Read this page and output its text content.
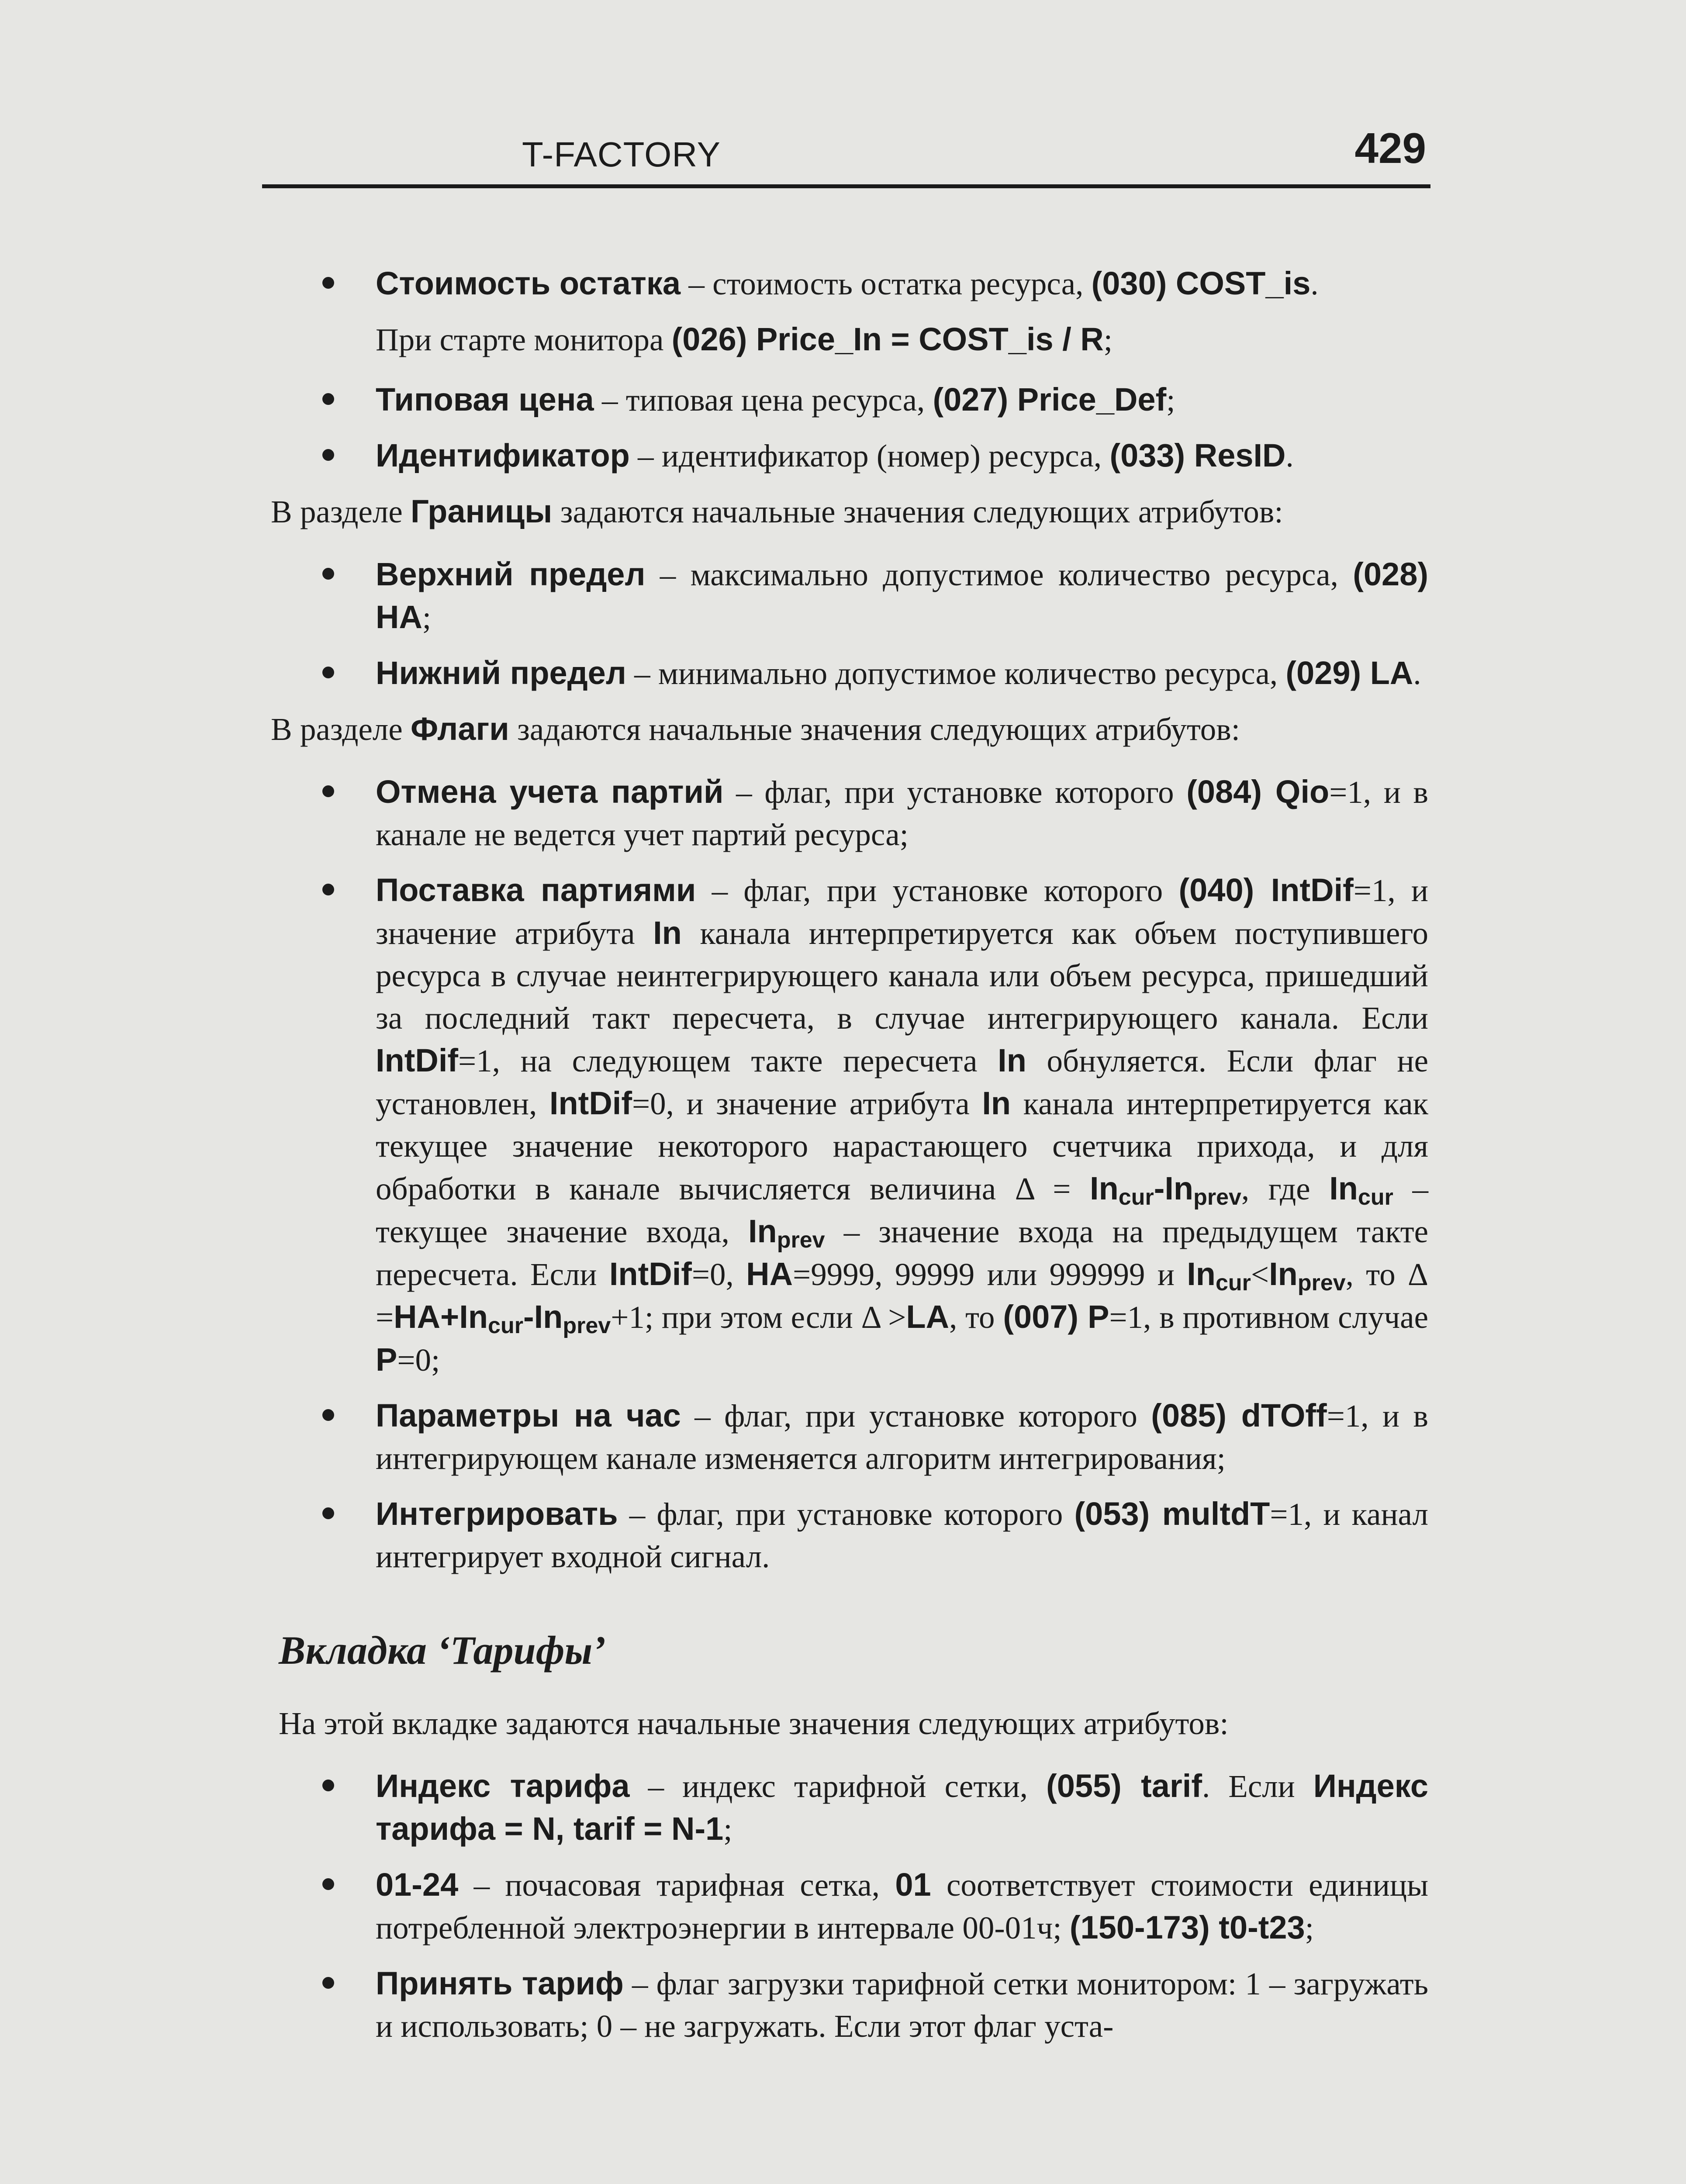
T-FACTORY	429
Стоимость остатка – стоимость остатка ресурса, (030) COST_is.

При старте монитора (026) Price_In = COST_is / R;

Типовая цена – типовая цена ресурса, (027) Price_Def;
Идентификатор – идентификатор (номер) ресурса, (033) ResID.

В разделе Границы задаются начальные значения следующих атрибутов:

Верхний предел – максимально допустимое количество ресурса, (028) HA;
Нижний предел – минимально допустимое количество ресурса, (029) LA.

В разделе Флаги задаются начальные значения следующих атрибутов:

Отмена учета партий – флаг, при установке которого (084) Qio=1, и в канале не ведется учет партий ресурса;
Поставка партиями – флаг, при установке которого (040) IntDif=1, и значение атрибута In канала интерпретируется как объем поступившего ресурса в случае неинтегрирующего канала или объем ресурса, пришедший за последний такт пересчета, в случае интегрирующего канала. Если IntDif=1, на следующем такте пересчета In обнуляется. Если флаг не установлен, IntDif=0, и значение атрибута In канала интерпретируется как текущее значение некоторого нарастающего счетчика прихода, и для обработки в канале вычисляется величина $\Delta = In_{cur}-In_{prev}$, где $In_{cur}$ – текущее значение входа, $In_{prev}$ – значение входа на предыдущем такте пересчета. Если IntDif=0, HA=9999, 99999 или 999999 и $In_{cur}<In_{prev}$, то $\Delta =HA+In_{cur}-In_{prev}+1$; при этом если Δ >LA, то (007) P=1, в противном случае P=0;
Параметры на час – флаг, при установке которого (085) dTOff=1, и в интегрирующем канале изменяется алгоритм интегрирования;
Интегрировать – флаг, при установке которого (053) multdT=1, и канал интегрирует входной сигнал.
Вкладка ‘Тарифы’

На этой вкладке задаются начальные значения следующих атрибутов:

Индекс тарифа – индекс тарифной сетки, (055) tarif. Если Индекс тарифа = N, tarif = N-1;
01-24 – почасовая тарифная сетка, 01 соответствует стоимости единицы потребленной электроэнергии в интервале 00-01ч; (150-173) t0-t23;
Принять тариф – флаг загрузки тарифной сетки монитором: 1 – загружать и использовать; 0 – не загружать. Если этот флаг уста-
